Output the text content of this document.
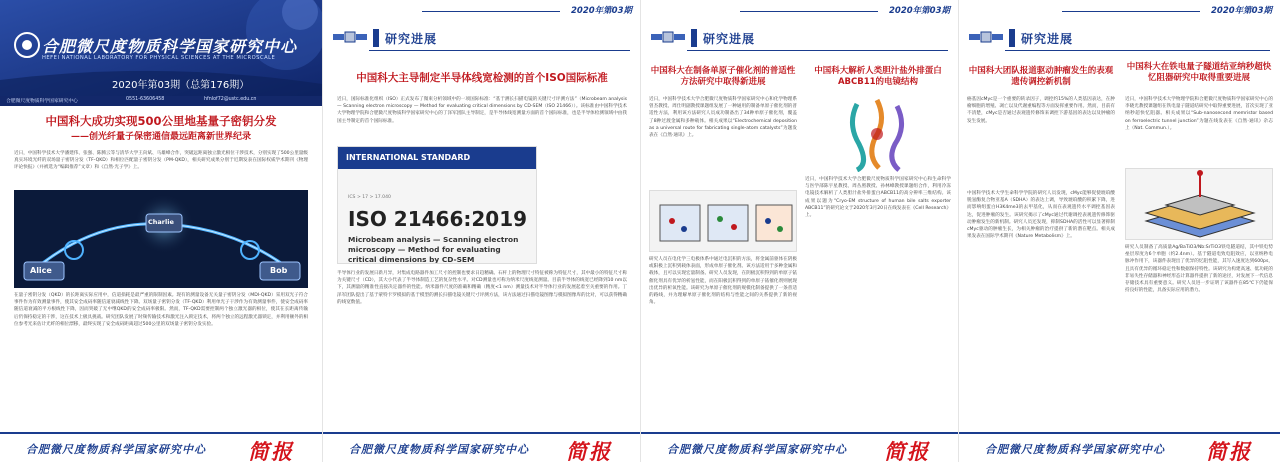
合肥微尺度物质科学国家研究中心
HEFEI NATIONAL LABORATORY FOR PHYSICAL SCIENCES AT THE MICROSCALE
2020年第03期（总第176期）
合肥微尺度物质科学国家研究中心	0551-63606458	hfnlof72@ustc.edu.cn
中国科大成功实现500公里地基量子密钥分发
——创光纤量子保密通信最远距离新世界纪录
近日，中国科学技术大学潘建伟、张强、陈腾云等与清华大学王向斌、马雄峰合作，突破远距离独立激光相位干涉技术，分别实现了500公里量级真实环境光纤的双场量子密钥分发（TF-QKD）和相位匹配量子密钥分发（PM-QKD），相关研究成果分别于近期发表在国际权威学术期刊《物理评论快报》（并被选为“编辑推荐”文章）和《自然·光子学》上。
Alice	Bob
Charlie
在量子密钥分发（QKD）的长距离实际应用中，信道损耗是最严重的限制因素。现有的测量设备无关量子密钥分发（MDI-QKD）采用双光子符合事件作为有效测量事件，使其安全成码率随信道衰减线性下降。双场量子密钥分发（TF-QKD）利用单光子干涉作为有效测量事件，使安全成码率随信道衰减的平方根线性下降，因而突破了无中继QKD的安全成码率极限。然而，TF-QKD需要控制两个独立激光器的相位，使其在长距离传输后仍保持稳定的干涉，这在技术上极具挑战。研究团队发展了时频传输技术和激光注入锁定技术，将两个独立的远程激光器锁定，并利用额外的相位参考光来估计光纤的相位漂移，最终实现了安全成码距离超过500公里的双场量子密钥分发实验。
合肥微尺度物质科学国家研究中心 简报
2020年第03期
研究进展
中国科大主导制定半导体线宽检测的首个ISO国际标准
近日，国际标准化组织（ISO）正式发布了微束分析领域中的一项国际标准：“基于测长扫描电镜的关键尺寸评测方法”（Microbeam analysis — Scanning electron microscopy — Method for evaluating critical dimensions by CD-SEM（ISO 21466））。该标准由中国科学技术大学物理学院和合肥微尺度物质科学国家研究中心的丁泽军团队主导制定，是半导体线宽测量方面的首个国际标准，也是半导体检测领域中由我国主导制定的首个国际标准。
INTERNATIONAL STANDARD
ICS > 17 > 17.040
ISO 21466:2019
Microbeam analysis — Scanning electron microscopy — Method for evaluating critical dimensions by CD-SEM
半导体行业的发展日新月异，对集成电路器件加工尺寸的控制也要求日趋精确。石杆上的物理尺寸特征被称为特征尺寸，其中最小的特征尺寸称为关键尺寸（CD），其大小代表了半导体制造工艺的复杂性水平。对CD测量也可称为纳米尺度线宽测量。目前半导体的线宽已经降到10 nm以下，其测量的精准性直接决定器件的性能。纳米器件尺度的准确和精确（精度<1 nm）测量技术对半导体行业的发展起着至关重要的作用。丁泽军团队提出了基于蒙特卡罗模拟的基于模型的测长扫描电镜关键尺寸评测方法，该方法通过扫描电镜图像与模拟图像库的比对，可以获得精确的线宽数值。
合肥微尺度物质科学国家研究中心 简报
2020年第03期
研究进展
中国科大在制备单原子催化剂的普适性方法研究中取得新进展
近日，中国科学技术大学合肥微尺度物质科学国家研究中心和化学物理系曾杰教授、周仕明副教授课题组发展了一种通用的制备单原子催化剂的普适性方法，利用该方法研究人员成功制备出了34种单原子催化剂，覆盖了8种过渡金属和多种载体。相关成果以“Electrochemical deposition as a universal route for fabricating single-atom catalysts”为题发表在《自然·通讯》上。
研究人员在电化学三电极体系中通过电沉积的方法，将金属前驱体在阴极或阳极上沉积到载体表面，形成单原子催化剂。该方法适用于多种金属和载体，且可以实现宏量制备。研究人员发现，在阴极沉积得到的单原子铱催化剂具有优异的析氢性能，而在阳极沉积得到的单原子铱催化剂则展现出优异的析氧性能。该研究为单原子催化剂的规模化制备提供了一条普适的路线，并为理解单原子催化剂的结构与性能之间的关系提供了新的视角。
中国科大解析人类胆汁盐外排蛋白ABCB11的电镜结构
近日，中国科学技术大学合肥微尺度物质科学国家研究中心和生命科学与医学部陈宇星教授、周丛照教授、孙林峰教授课题组合作，利用冷冻电镜技术解析了人类胆汁盐外排蛋白ABCB11的高分辨率三维结构。该成果以题为“Cryo-EM structure of human bile salts exporter ABCB11”的研究论文于2020年3月20日在线发表在《Cell Research》上。
合肥微尺度物质科学国家研究中心 简报
2020年第03期
研究进展
中国科大团队报道驱动肿瘤发生的表观遗传调控新机制
癌基因cMyc是一个重要的转录因子，调控约15%的人类基因表达，在肿瘤细胞的增殖、凋亡以及代谢重编程等方面发挥重要作用。然而，目前有不清楚，cMyc是否通过表观遗传修饰来调控下游基因的表达以及肿瘤的发生发展。
中国科学技术大学生命科学学院的研究人员发现，cMyc能够促使琥珀酸脱氢酶复合物亚基A（SDHA）的表达上调，导致琥珀酸的积累下降，进而影响组蛋白H3K4me3的去甲基化，从而在表观遗传水平调控基因表达，促进肿瘤的发生。该研究揭示了cMyc通过代谢调控表观遗传修饰驱动肿瘤发生的新机制。研究人员还发现，抑制SDHA的活性可以显著抑制cMyc驱动的肿瘤生长，为相关肿瘤的治疗提供了新的潜在靶点。相关成果发表在国际学术期刊《Nature Metabolism》上。
中国科大在铁电量子隧道结亚纳秒超快忆阻器研究中取得重要进展
近日，中国科学技术大学物理学院和合肥微尺度物质科学国家研究中心的李晓光教授课题组在铁电量子隧道结研究中取得重要进展，首次实现了亚纳秒超快忆阻器。相关成果以“Sub-nanosecond memristor based on ferroelectric tunnel junction”为题在线发表在《自然·通讯》杂志上（Nat. Commun.）。
研究人员制备了高质量Ag/BaTiO3/Nb:SrTiO3铁电隧道结，其中铁电势垒层厚度为6个单胞（约2.4nm）。基于隧道电致电阻效应，以亚纳秒电脉冲作用下，该器件表现出了优异的忆阻性能，其写入速度达到600ps，且具有优异的循环稳定性和数据保持特性。该研究为构建高速、低功耗的非易失性存储器和神经形态计算器件提供了新的途径，对发展下一代信息存储技术具有重要意义。研究人员进一步证明了该器件在85℃下仍能保持良好的性能，具备实际应用的潜力。
合肥微尺度物质科学国家研究中心 简报
